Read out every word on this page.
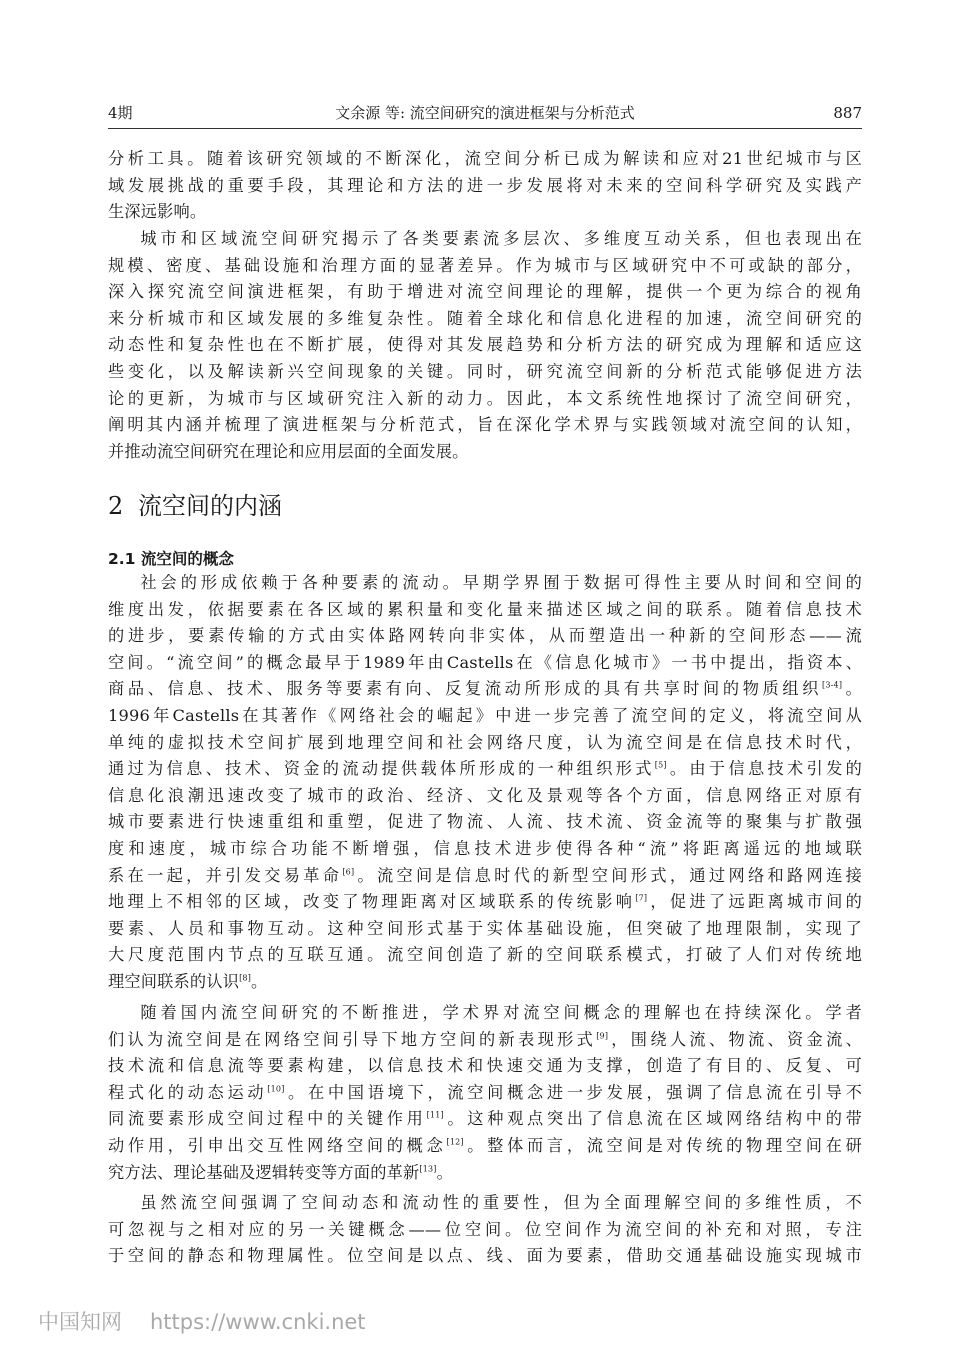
4期	文余源 等: 流空间研究的演进框架与分析范式	887
分析工具。随着该研究领域的不断深化，流空间分析已成为解读和应对21世纪城市与区
域发展挑战的重要手段，其理论和方法的进一步发展将对未来的空间科学研究及实践产
生深远影响。
城市和区域流空间研究揭示了各类要素流多层次、多维度互动关系，但也表现出在
规模、密度、基础设施和治理方面的显著差异。作为城市与区域研究中不可或缺的部分，
深入探究流空间演进框架，有助于增进对流空间理论的理解，提供一个更为综合的视角
来分析城市和区域发展的多维复杂性。随着全球化和信息化进程的加速，流空间研究的
动态性和复杂性也在不断扩展，使得对其发展趋势和分析方法的研究成为理解和适应这
些变化，以及解读新兴空间现象的关键。同时，研究流空间新的分析范式能够促进方法
论的更新，为城市与区域研究注入新的动力。因此，本文系统性地探讨了流空间研究，
阐明其内涵并梳理了演进框架与分析范式，旨在深化学术界与实践领域对流空间的认知，
并推动流空间研究在理论和应用层面的全面发展。
2 流空间的内涵
2.1 流空间的概念
社会的形成依赖于各种要素的流动。早期学界囿于数据可得性主要从时间和空间的
维度出发，依据要素在各区域的累积量和变化量来描述区域之间的联系。随着信息技术
的进步，要素传输的方式由实体路网转向非实体，从而塑造出一种新的空间形态——流
空间。“流空间”的概念最早于1989年由Castells在《信息化城市》一书中提出，指资本、
商品、信息、技术、服务等要素有向、反复流动所形成的具有共享时间的物质组织[3-4]。
1996年Castells在其著作《网络社会的崛起》中进一步完善了流空间的定义，将流空间从
单纯的虚拟技术空间扩展到地理空间和社会网络尺度，认为流空间是在信息技术时代，
通过为信息、技术、资金的流动提供载体所形成的一种组织形式[5]。由于信息技术引发的
信息化浪潮迅速改变了城市的政治、经济、文化及景观等各个方面，信息网络正对原有
城市要素进行快速重组和重塑，促进了物流、人流、技术流、资金流等的聚集与扩散强
度和速度，城市综合功能不断增强，信息技术进步使得各种“流”将距离遥远的地域联
系在一起，并引发交易革命[6]。流空间是信息时代的新型空间形式，通过网络和路网连接
地理上不相邻的区域，改变了物理距离对区域联系的传统影响[7]，促进了远距离城市间的
要素、人员和事物互动。这种空间形式基于实体基础设施，但突破了地理限制，实现了
大尺度范围内节点的互联互通。流空间创造了新的空间联系模式，打破了人们对传统地
理空间联系的认识[8]。
随着国内流空间研究的不断推进，学术界对流空间概念的理解也在持续深化。学者
们认为流空间是在网络空间引导下地方空间的新表现形式[9]，围绕人流、物流、资金流、
技术流和信息流等要素构建，以信息技术和快速交通为支撑，创造了有目的、反复、可
程式化的动态运动[10]。在中国语境下，流空间概念进一步发展，强调了信息流在引导不
同流要素形成空间过程中的关键作用[11]。这种观点突出了信息流在区域网络结构中的带
动作用，引申出交互性网络空间的概念[12]。整体而言，流空间是对传统的物理空间在研
究方法、理论基础及逻辑转变等方面的革新[13]。
虽然流空间强调了空间动态和流动性的重要性，但为全面理解空间的多维性质，不
可忽视与之相对应的另一关键概念——位空间。位空间作为流空间的补充和对照，专注
于空间的静态和物理属性。位空间是以点、线、面为要素，借助交通基础设施实现城市
中国知网 https://www.cnki.net
